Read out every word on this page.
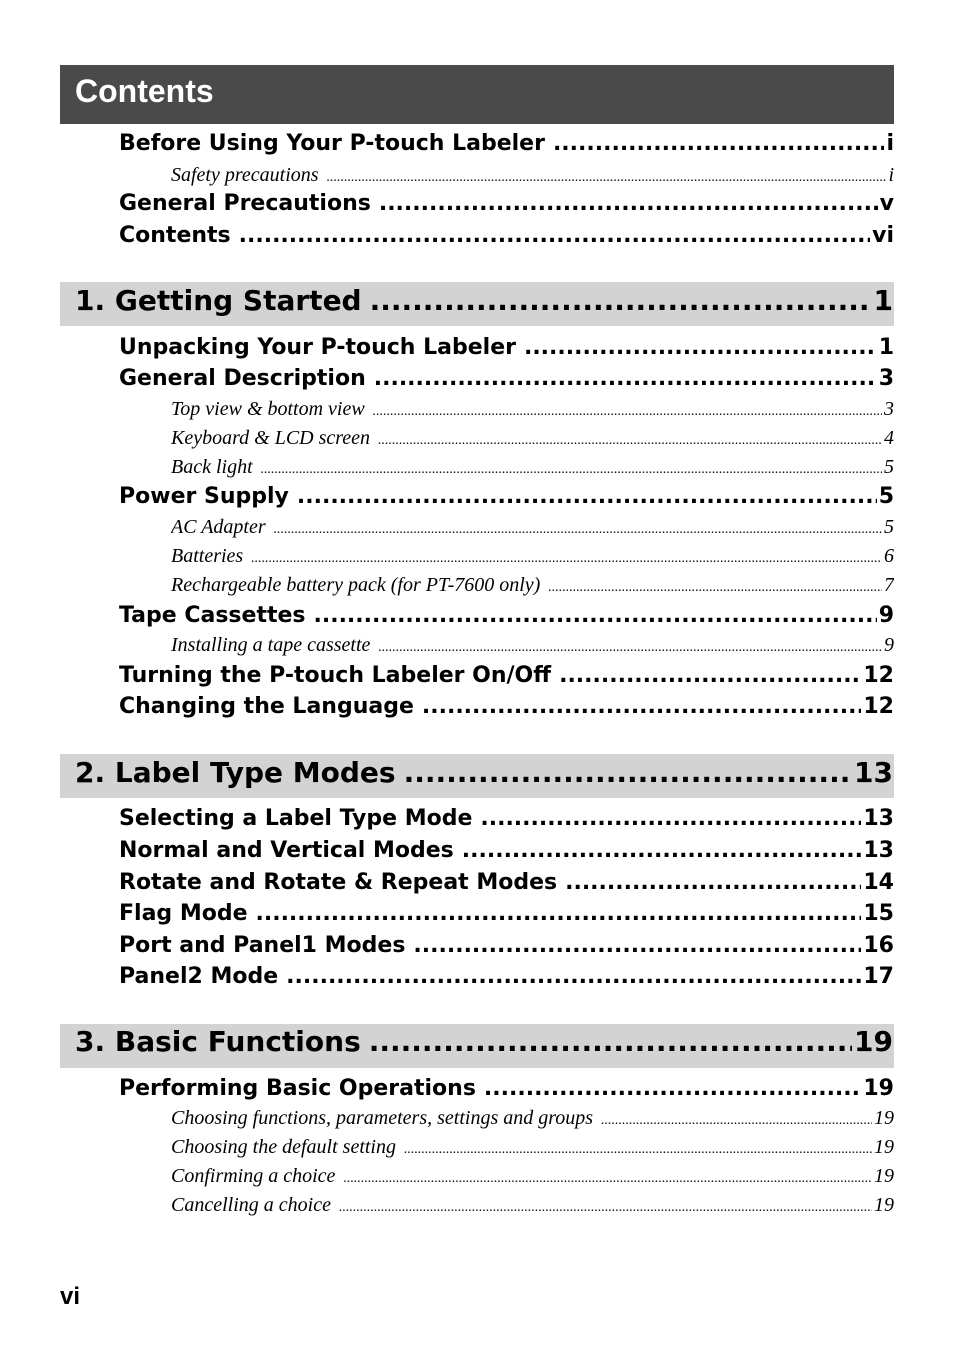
Contents
Before Using Your P-touch Labeler .....	i
Safety precautions .....	i
General Precautions .....	v
Contents .....	vi
1. Getting Started .....	1
Unpacking Your P-touch Labeler .....	1
General Description .....	3
Top view & bottom view .....	3
Keyboard & LCD screen .....	4
Back light .....	5
Power Supply .....	5
AC Adapter .....	5
Batteries .....	6
Rechargeable battery pack (for PT-7600 only) .....	7
Tape Cassettes .....	9
Installing a tape cassette .....	9
Turning the P-touch Labeler On/Off .....	12
Changing the Language .....	12
2. Label Type Modes .....	13
Selecting a Label Type Mode .....	13
Normal and Vertical Modes .....	13
Rotate and Rotate & Repeat Modes .....	14
Flag Mode .....	15
Port and Panel1 Modes .....	16
Panel2 Mode .....	17
3. Basic Functions .....	19
Performing Basic Operations .....	19
Choosing functions, parameters, settings and groups .....	19
Choosing the default setting .....	19
Confirming a choice .....	19
Cancelling a choice .....	19
vi
